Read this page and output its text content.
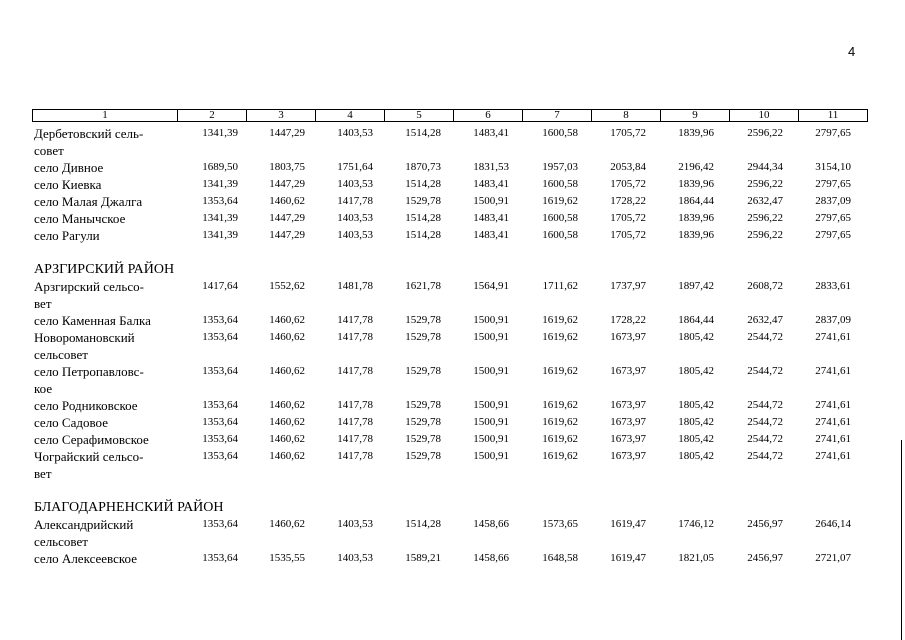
4
1	2	3	4	5	6	7	8	9	10	11
Дербетовский сель-
совет
1341,39	1447,29	1403,53	1514,28	1483,41	1600,58	1705,72	1839,96	2596,22	2797,65
село Дивное	1689,50	1803,75	1751,64	1870,73	1831,53	1957,03	2053,84	2196,42	2944,34	3154,10
село Киевка	1341,39	1447,29	1403,53	1514,28	1483,41	1600,58	1705,72	1839,96	2596,22	2797,65
село Малая Джалга	1353,64	1460,62	1417,78	1529,78	1500,91	1619,62	1728,22	1864,44	2632,47	2837,09
село Манычское	1341,39	1447,29	1403,53	1514,28	1483,41	1600,58	1705,72	1839,96	2596,22	2797,65
село Рагули	1341,39	1447,29	1403,53	1514,28	1483,41	1600,58	1705,72	1839,96	2596,22	2797,65
АРЗГИРСКИЙ РАЙОН
Арзгирский сельсо-
вет
1417,64	1552,62	1481,78	1621,78	1564,91	1711,62	1737,97	1897,42	2608,72	2833,61
село Каменная Балка	1353,64	1460,62	1417,78	1529,78	1500,91	1619,62	1728,22	1864,44	2632,47	2837,09
Новоромановский
сельсовет
1353,64	1460,62	1417,78	1529,78	1500,91	1619,62	1673,97	1805,42	2544,72	2741,61
село Петропавловс-
кое
1353,64	1460,62	1417,78	1529,78	1500,91	1619,62	1673,97	1805,42	2544,72	2741,61
село Родниковское	1353,64	1460,62	1417,78	1529,78	1500,91	1619,62	1673,97	1805,42	2544,72	2741,61
село Садовое	1353,64	1460,62	1417,78	1529,78	1500,91	1619,62	1673,97	1805,42	2544,72	2741,61
село Серафимовское	1353,64	1460,62	1417,78	1529,78	1500,91	1619,62	1673,97	1805,42	2544,72	2741,61
Чограйский сельсо-
вет
1353,64	1460,62	1417,78	1529,78	1500,91	1619,62	1673,97	1805,42	2544,72	2741,61
БЛАГОДАРНЕНСКИЙ РАЙОН
Александрийский
сельсовет
1353,64	1460,62	1403,53	1514,28	1458,66	1573,65	1619,47	1746,12	2456,97	2646,14
село Алексеевское	1353,64	1535,55	1403,53	1589,21	1458,66	1648,58	1619,47	1821,05	2456,97	2721,07
